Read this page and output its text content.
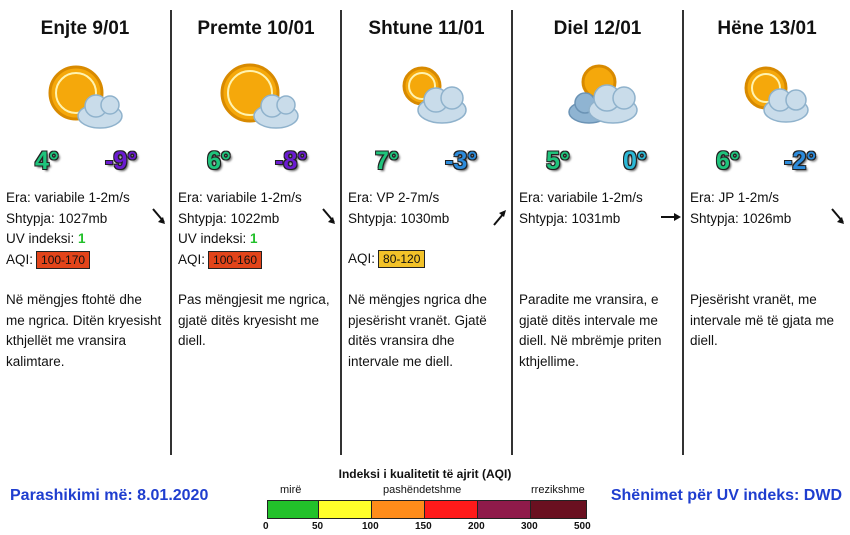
Enjte 9/01
4° -9°
Era: variabile 1-2m/s
Shtypja: 1027mb
UV indeksi: 1
AQI: 100-170
Në mëngjes ftohtë dhe me ngrica. Ditën kryesisht kthjellët me vransira kalimtare.
Premte 10/01
6° -8°
Era: variabile 1-2m/s
Shtypja: 1022mb
UV indeksi: 1
AQI: 100-160
Pas mëngjesit me ngrica, gjatë ditës kryesisht me diell.
Shtune 11/01
7° -3°
Era: VP 2-7m/s
Shtypja: 1030mb
AQI: 80-120
Në mëngjes ngrica dhe pjesërisht vranët. Gjatë ditës vransira dhe intervale me diell.
Diel 12/01
5° 0°
Era: variabile 1-2m/s
Shtypja: 1031mb
Paradite me vransira, e gjatë ditës intervale me diell. Në mbrëmje priten kthjellime.
Hëne 13/01
6° -2°
Era: JP 1-2m/s
Shtypja: 1026mb
Pjesërisht vranët, me intervale më të gjata me diell.
Parashikimi më: 8.01.2020	Shënimet për UV indeks: DWD
Indeksi i kualitetit të ajrit (AQI)
mirë	pashëndetshme	rrezikshme
0	50	100	150	200	300	500
